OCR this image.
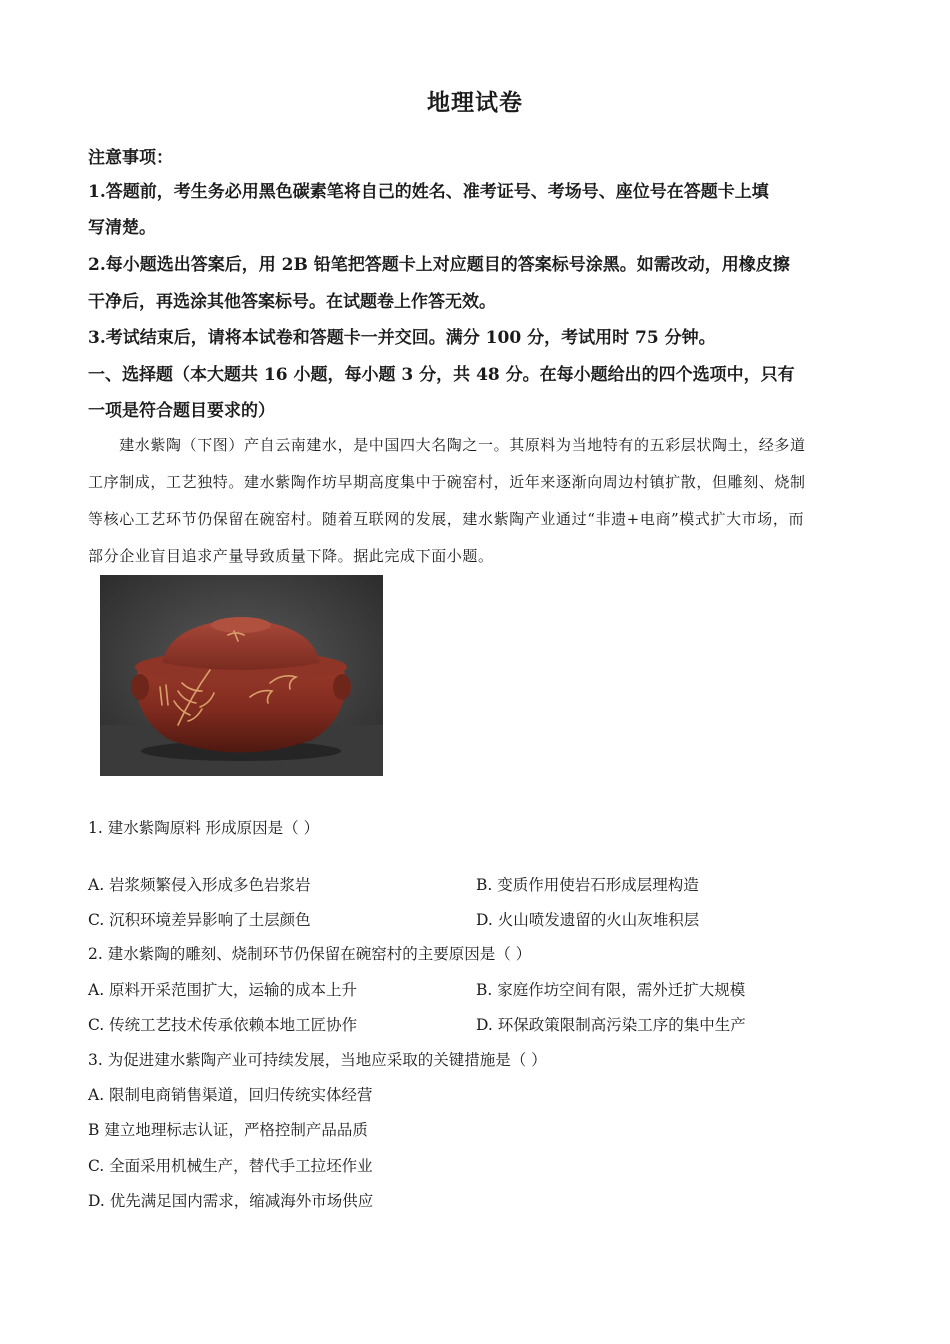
地理试卷
注意事项：
1.答题前，考生务必用黑色碳素笔将自己的姓名、准考证号、考场号、座位号在答题卡上填
写清楚。
2.每小题选出答案后，用 2B 铅笔把答题卡上对应题目的答案标号涂黑。如需改动，用橡皮擦
干净后，再选涂其他答案标号。在试题卷上作答无效。
3.考试结束后，请将本试卷和答题卡一并交回。满分 100 分，考试用时 75 分钟。
一、选择题（本大题共 16 小题，每小题 3 分，共 48 分。在每小题给出的四个选项中，只有
一项是符合题目要求的）
　　建水紫陶（下图）产自云南建水，是中国四大名陶之一。其原料为当地特有的五彩层状陶土，经多道
工序制成，工艺独特。建水紫陶作坊早期高度集中于碗窑村，近年来逐渐向周边村镇扩散，但雕刻、烧制
等核心工艺环节仍保留在碗窑村。随着互联网的发展，建水紫陶产业通过“非遗+电商”模式扩大市场，而
部分企业盲目追求产量导致质量下降。据此完成下面小题。
1. 建水紫陶原料 形成原因是（ ）
A. 岩浆频繁侵入形成多色岩浆岩	B. 变质作用使岩石形成层理构造
C. 沉积环境差异影响了土层颜色	D. 火山喷发遗留的火山灰堆积层
2. 建水紫陶的雕刻、烧制环节仍保留在碗窑村的主要原因是（ ）
A. 原料开采范围扩大，运输的成本上升	B. 家庭作坊空间有限，需外迁扩大规模
C. 传统工艺技术传承依赖本地工匠协作	D. 环保政策限制高污染工序的集中生产
3. 为促进建水紫陶产业可持续发展，当地应采取的关键措施是（ ）
A. 限制电商销售渠道，回归传统实体经营
B 建立地理标志认证，严格控制产品品质
C. 全面采用机械生产，替代手工拉坯作业
D. 优先满足国内需求，缩减海外市场供应
